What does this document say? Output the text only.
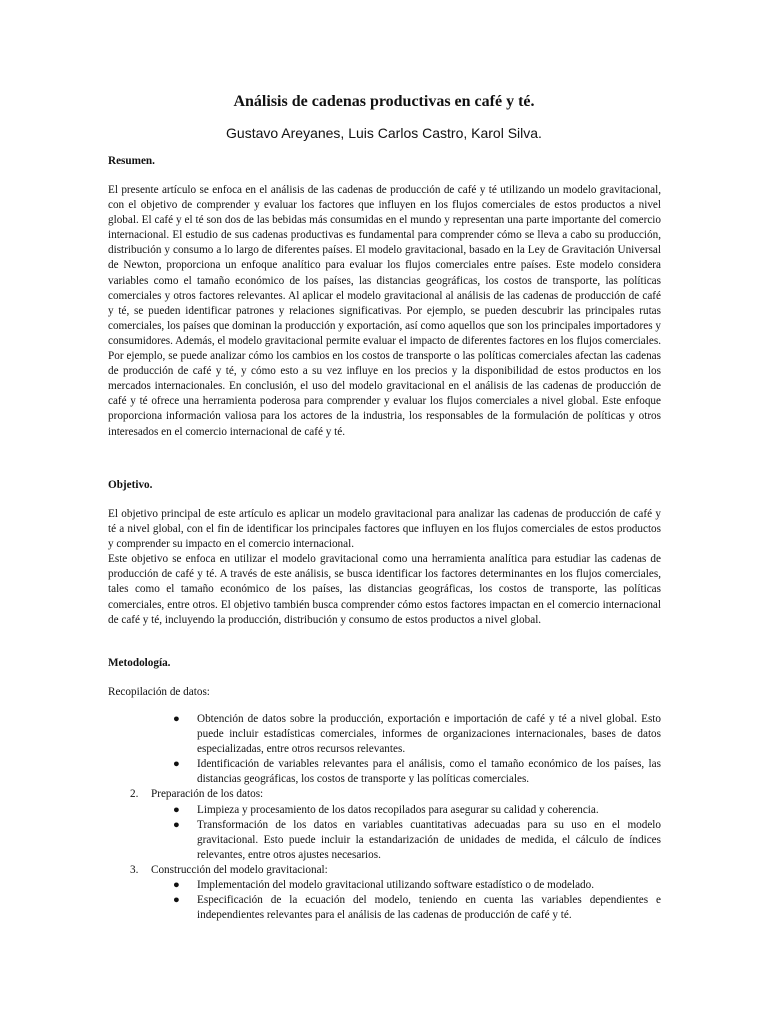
Análisis de cadenas productivas en café y té.
Gustavo Areyanes, Luis Carlos Castro, Karol Silva.
Resumen.

El presente artículo se enfoca en el análisis de las cadenas de producción de café y té utilizando un modelo gravitacional, con el objetivo de comprender y evaluar los factores que influyen en los flujos comerciales de estos productos a nivel global. El café y el té son dos de las bebidas más consumidas en el mundo y representan una parte importante del comercio internacional. El estudio de sus cadenas productivas es fundamental para comprender cómo se lleva a cabo su producción, distribución y consumo a lo largo de diferentes países. El modelo gravitacional, basado en la Ley de Gravitación Universal de Newton, proporciona un enfoque analítico para evaluar los flujos comerciales entre países. Este modelo considera variables como el tamaño económico de los países, las distancias geográficas, los costos de transporte, las políticas comerciales y otros factores relevantes. Al aplicar el modelo gravitacional al análisis de las cadenas de producción de café y té, se pueden identificar patrones y relaciones significativas. Por ejemplo, se pueden descubrir las principales rutas comerciales, los países que dominan la producción y exportación, así como aquellos que son los principales importadores y consumidores. Además, el modelo gravitacional permite evaluar el impacto de diferentes factores en los flujos comerciales. Por ejemplo, se puede analizar cómo los cambios en los costos de transporte o las políticas comerciales afectan las cadenas de producción de café y té, y cómo esto a su vez influye en los precios y la disponibilidad de estos productos en los mercados internacionales. En conclusión, el uso del modelo gravitacional en el análisis de las cadenas de producción de café y té ofrece una herramienta poderosa para comprender y evaluar los flujos comerciales a nivel global. Este enfoque proporciona información valiosa para los actores de la industria, los responsables de la formulación de políticas y otros interesados en el comercio internacional de café y té.

Objetivo.

El objetivo principal de este artículo es aplicar un modelo gravitacional para analizar las cadenas de producción de café y té a nivel global, con el fin de identificar los principales factores que influyen en los flujos comerciales de estos productos y comprender su impacto en el comercio internacional.

Este objetivo se enfoca en utilizar el modelo gravitacional como una herramienta analítica para estudiar las cadenas de producción de café y té. A través de este análisis, se busca identificar los factores determinantes en los flujos comerciales, tales como el tamaño económico de los países, las distancias geográficas, los costos de transporte, las políticas comerciales, entre otros. El objetivo también busca comprender cómo estos factores impactan en el comercio internacional de café y té, incluyendo la producción, distribución y consumo de estos productos a nivel global.

Metodología.
Recopilación de datos:
● Obtención de datos sobre la producción, exportación e importación de café y té a nivel global. Esto puede incluir estadísticas comerciales, informes de organizaciones internacionales, bases de datos especializadas, entre otros recursos relevantes.
● Identificación de variables relevantes para el análisis, como el tamaño económico de los países, las distancias geográficas, los costos de transporte y las políticas comerciales.
2. Preparación de los datos:
● Limpieza y procesamiento de los datos recopilados para asegurar su calidad y coherencia.
● Transformación de los datos en variables cuantitativas adecuadas para su uso en el modelo gravitacional. Esto puede incluir la estandarización de unidades de medida, el cálculo de índices relevantes, entre otros ajustes necesarios.
3. Construcción del modelo gravitacional:
● Implementación del modelo gravitacional utilizando software estadístico o de modelado.
● Especificación de la ecuación del modelo, teniendo en cuenta las variables dependientes e independientes relevantes para el análisis de las cadenas de producción de café y té.
